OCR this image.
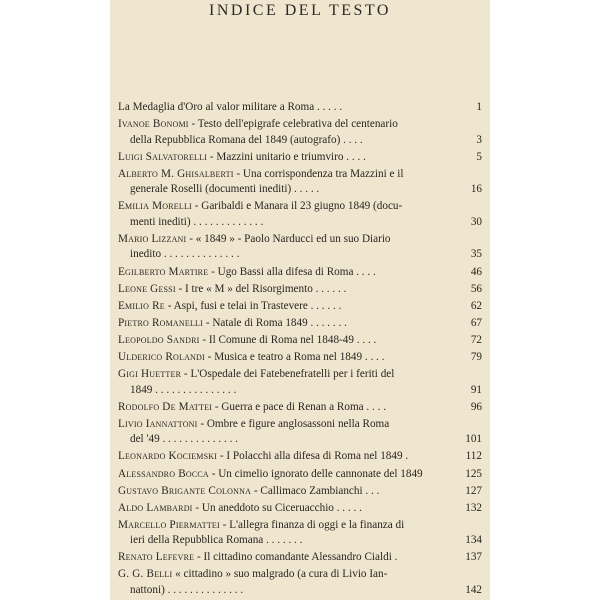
INDICE DEL TESTO
La Medaglia d'Oro al valor militare a Roma . . . . .	1
Ivanoe Bonomi - Testo dell'epigrafe celebrativa del centenario
della Repubblica Romana del 1849 (autografo) . . . .	3
Luigi Salvatorelli - Mazzini unitario e triumviro . . . .	5
Alberto M. Ghisalberti - Una corrispondenza tra Mazzini e il
generale Roselli (documenti inediti) . . . . .	16
Emilia Morelli - Garibaldi e Manara il 23 giugno 1849 (docu-
menti inediti) . . . . . . . . . . . . .	30
Mario Lizzani - « 1849 » - Paolo Narducci ed un suo Diario
inedito . . . . . . . . . . . . . .	35
Egilberto Martire - Ugo Bassi alla difesa di Roma . . . .	46
Leone Gessi - I tre « M » del Risorgimento . . . . . .	56
Emilio Re - Aspi, fusi e telai in Trastevere . . . . . .	62
Pietro Romanelli - Natale di Roma 1849 . . . . . . .	67
Leopoldo Sandri - Il Comune di Roma nel 1848-49 . . . .	72
Ulderico Rolandi - Musica e teatro a Roma nel 1849 . . . .	79
Gigi Huetter - L'Ospedale dei Fatebenefratelli per i feriti del
1849 . . . . . . . . . . . . . . .	91
Rodolfo De Mattei - Guerra e pace di Renan a Roma . . . .	96
Livio Iannattoni - Ombre e figure anglosassoni nella Roma
del '49 . . . . . . . . . . . . . .	101
Leonardo Kociemski - I Polacchi alla difesa di Roma nel 1849 .	112
Alessandro Bocca - Un cimelio ignorato delle cannonate del 1849	125
Gustavo Brigante Colonna - Callimaco Zambianchi . . .	127
Aldo Lambardi - Un aneddoto su Ciceruacchio . . . . .	132
Marcello Piermattei - L'allegra finanza di oggi e la finanza di
ieri della Repubblica Romana . . . . . . .	134
Renato Lefevre - Il cittadino comandante Alessandro Cialdi .	137
G. G. Belli « cittadino » suo malgrado (a cura di Livio Ian-
nattoni) . . . . . . . . . . . . . .	142
